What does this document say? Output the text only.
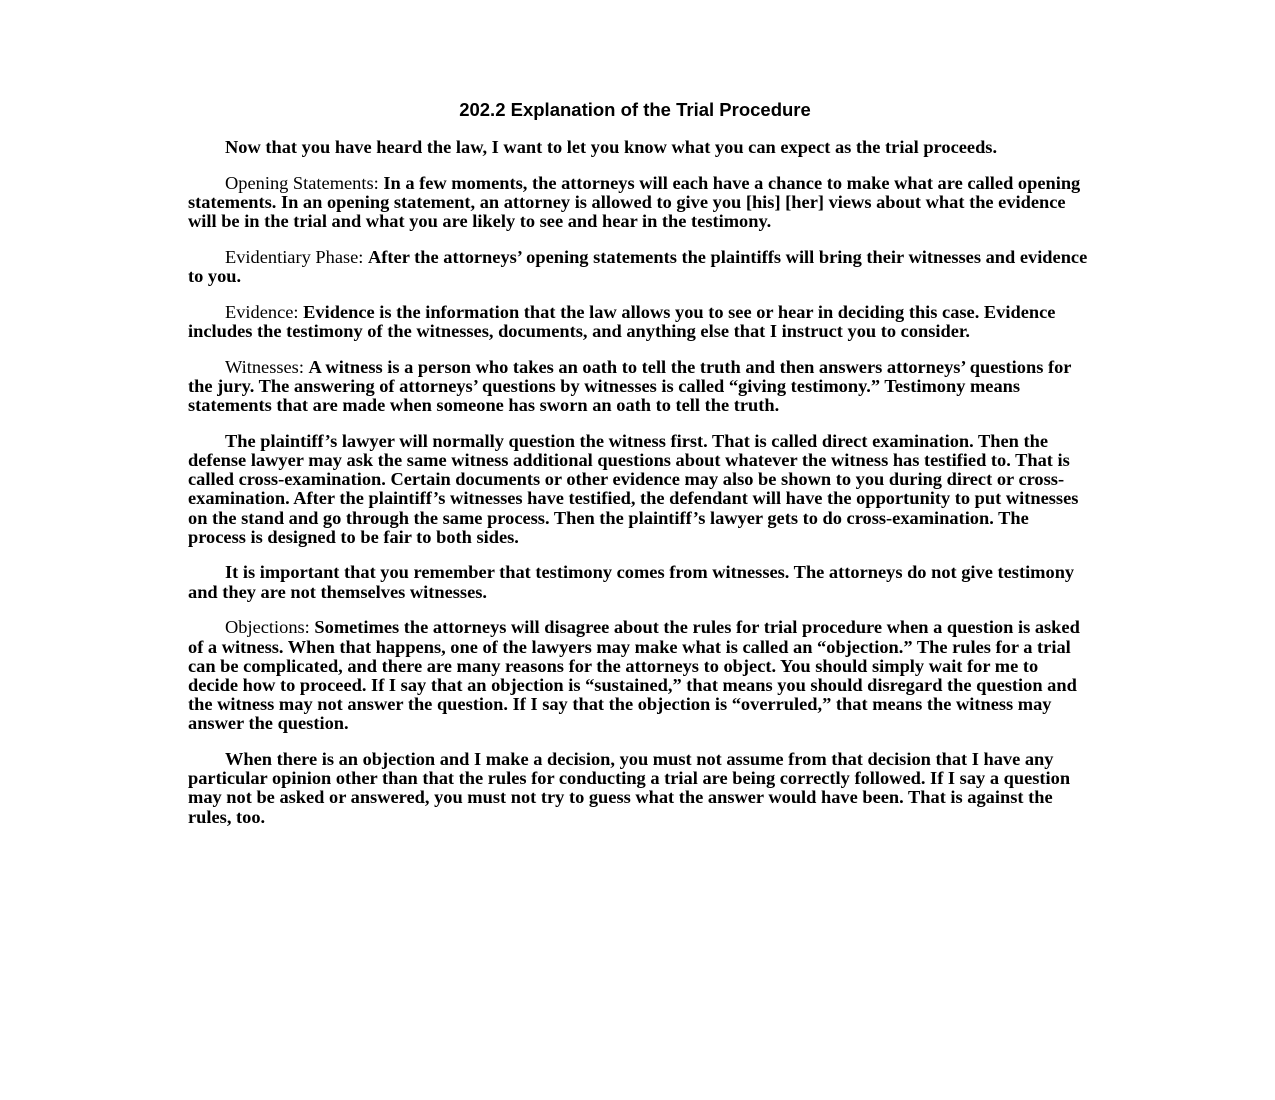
202.2 Explanation of the Trial Procedure

Now that you have heard the law, I want to let you know what you can expect as the trial proceeds.

Opening Statements: In a few moments, the attorneys will each have a chance to make what are called opening statements. In an opening statement, an attorney is allowed to give you [his] [her] views about what the evidence will be in the trial and what you are likely to see and hear in the testimony.

Evidentiary Phase: After the attorneys’ opening statements the plaintiffs will bring their witnesses and evidence to you.

Evidence: Evidence is the information that the law allows you to see or hear in deciding this case. Evidence includes the testimony of the witnesses, documents, and anything else that I instruct you to consider.

Witnesses: A witness is a person who takes an oath to tell the truth and then answers attorneys’ questions for the jury. The answering of attorneys’ questions by witnesses is called “giving testimony.” Testimony means statements that are made when someone has sworn an oath to tell the truth.

The plaintiff’s lawyer will normally question the witness first. That is called direct examination. Then the defense lawyer may ask the same witness additional questions about whatever the witness has testified to. That is called cross-examination. Certain documents or other evidence may also be shown to you during direct or cross-examination. After the plaintiff’s witnesses have testified, the defendant will have the opportunity to put witnesses on the stand and go through the same process. Then the plaintiff’s lawyer gets to do cross-examination. The process is designed to be fair to both sides.

It is important that you remember that testimony comes from witnesses. The attorneys do not give testimony and they are not themselves witnesses.

Objections: Sometimes the attorneys will disagree about the rules for trial procedure when a question is asked of a witness. When that happens, one of the lawyers may make what is called an “objection.” The rules for a trial can be complicated, and there are many reasons for the attorneys to object. You should simply wait for me to decide how to proceed. If I say that an objection is “sustained,” that means you should disregard the question and the witness may not answer the question. If I say that the objection is “overruled,” that means the witness may answer the question.

When there is an objection and I make a decision, you must not assume from that decision that I have any particular opinion other than that the rules for conducting a trial are being correctly followed. If I say a question may not be asked or answered, you must not try to guess what the answer would have been. That is against the rules, too.
